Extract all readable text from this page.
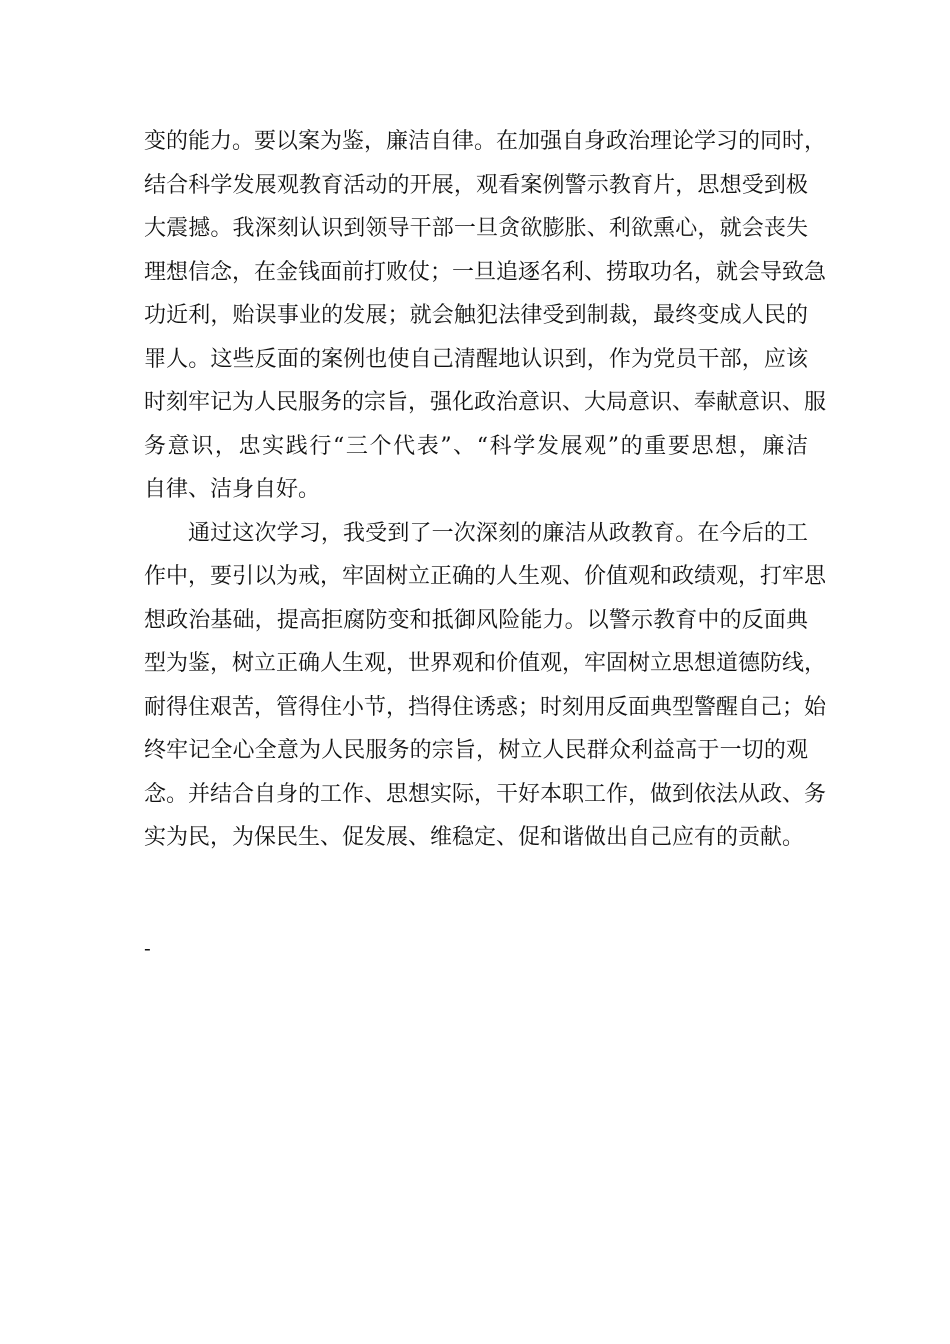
变的能力。要以案为鉴，廉洁自律。在加强自身政治理论学习的同时，
结合科学发展观教育活动的开展，观看案例警示教育片，思想受到极
大震撼。我深刻认识到领导干部一旦贪欲膨胀、利欲熏心，就会丧失
理想信念，在金钱面前打败仗；一旦追逐名利、捞取功名，就会导致急
功近利，贻误事业的发展；就会触犯法律受到制裁，最终变成人民的
罪人。这些反面的案例也使自己清醒地认识到，作为党员干部，应该
时刻牢记为人民服务的宗旨，强化政治意识、大局意识、奉献意识、服
务意识，忠实践行“三个代表”、“科学发展观”的重要思想，廉洁
自律、洁身自好。
通过这次学习，我受到了一次深刻的廉洁从政教育。在今后的工
作中，要引以为戒，牢固树立正确的人生观、价值观和政绩观，打牢思
想政治基础，提高拒腐防变和抵御风险能力。以警示教育中的反面典
型为鉴，树立正确人生观，世界观和价值观，牢固树立思想道德防线，
耐得住艰苦，管得住小节，挡得住诱惑；时刻用反面典型警醒自己；始
终牢记全心全意为人民服务的宗旨，树立人民群众利益高于一切的观
念。并结合自身的工作、思想实际，干好本职工作，做到依法从政、务
实为民，为保民生、促发展、维稳定、促和谐做出自己应有的贡献。
-
